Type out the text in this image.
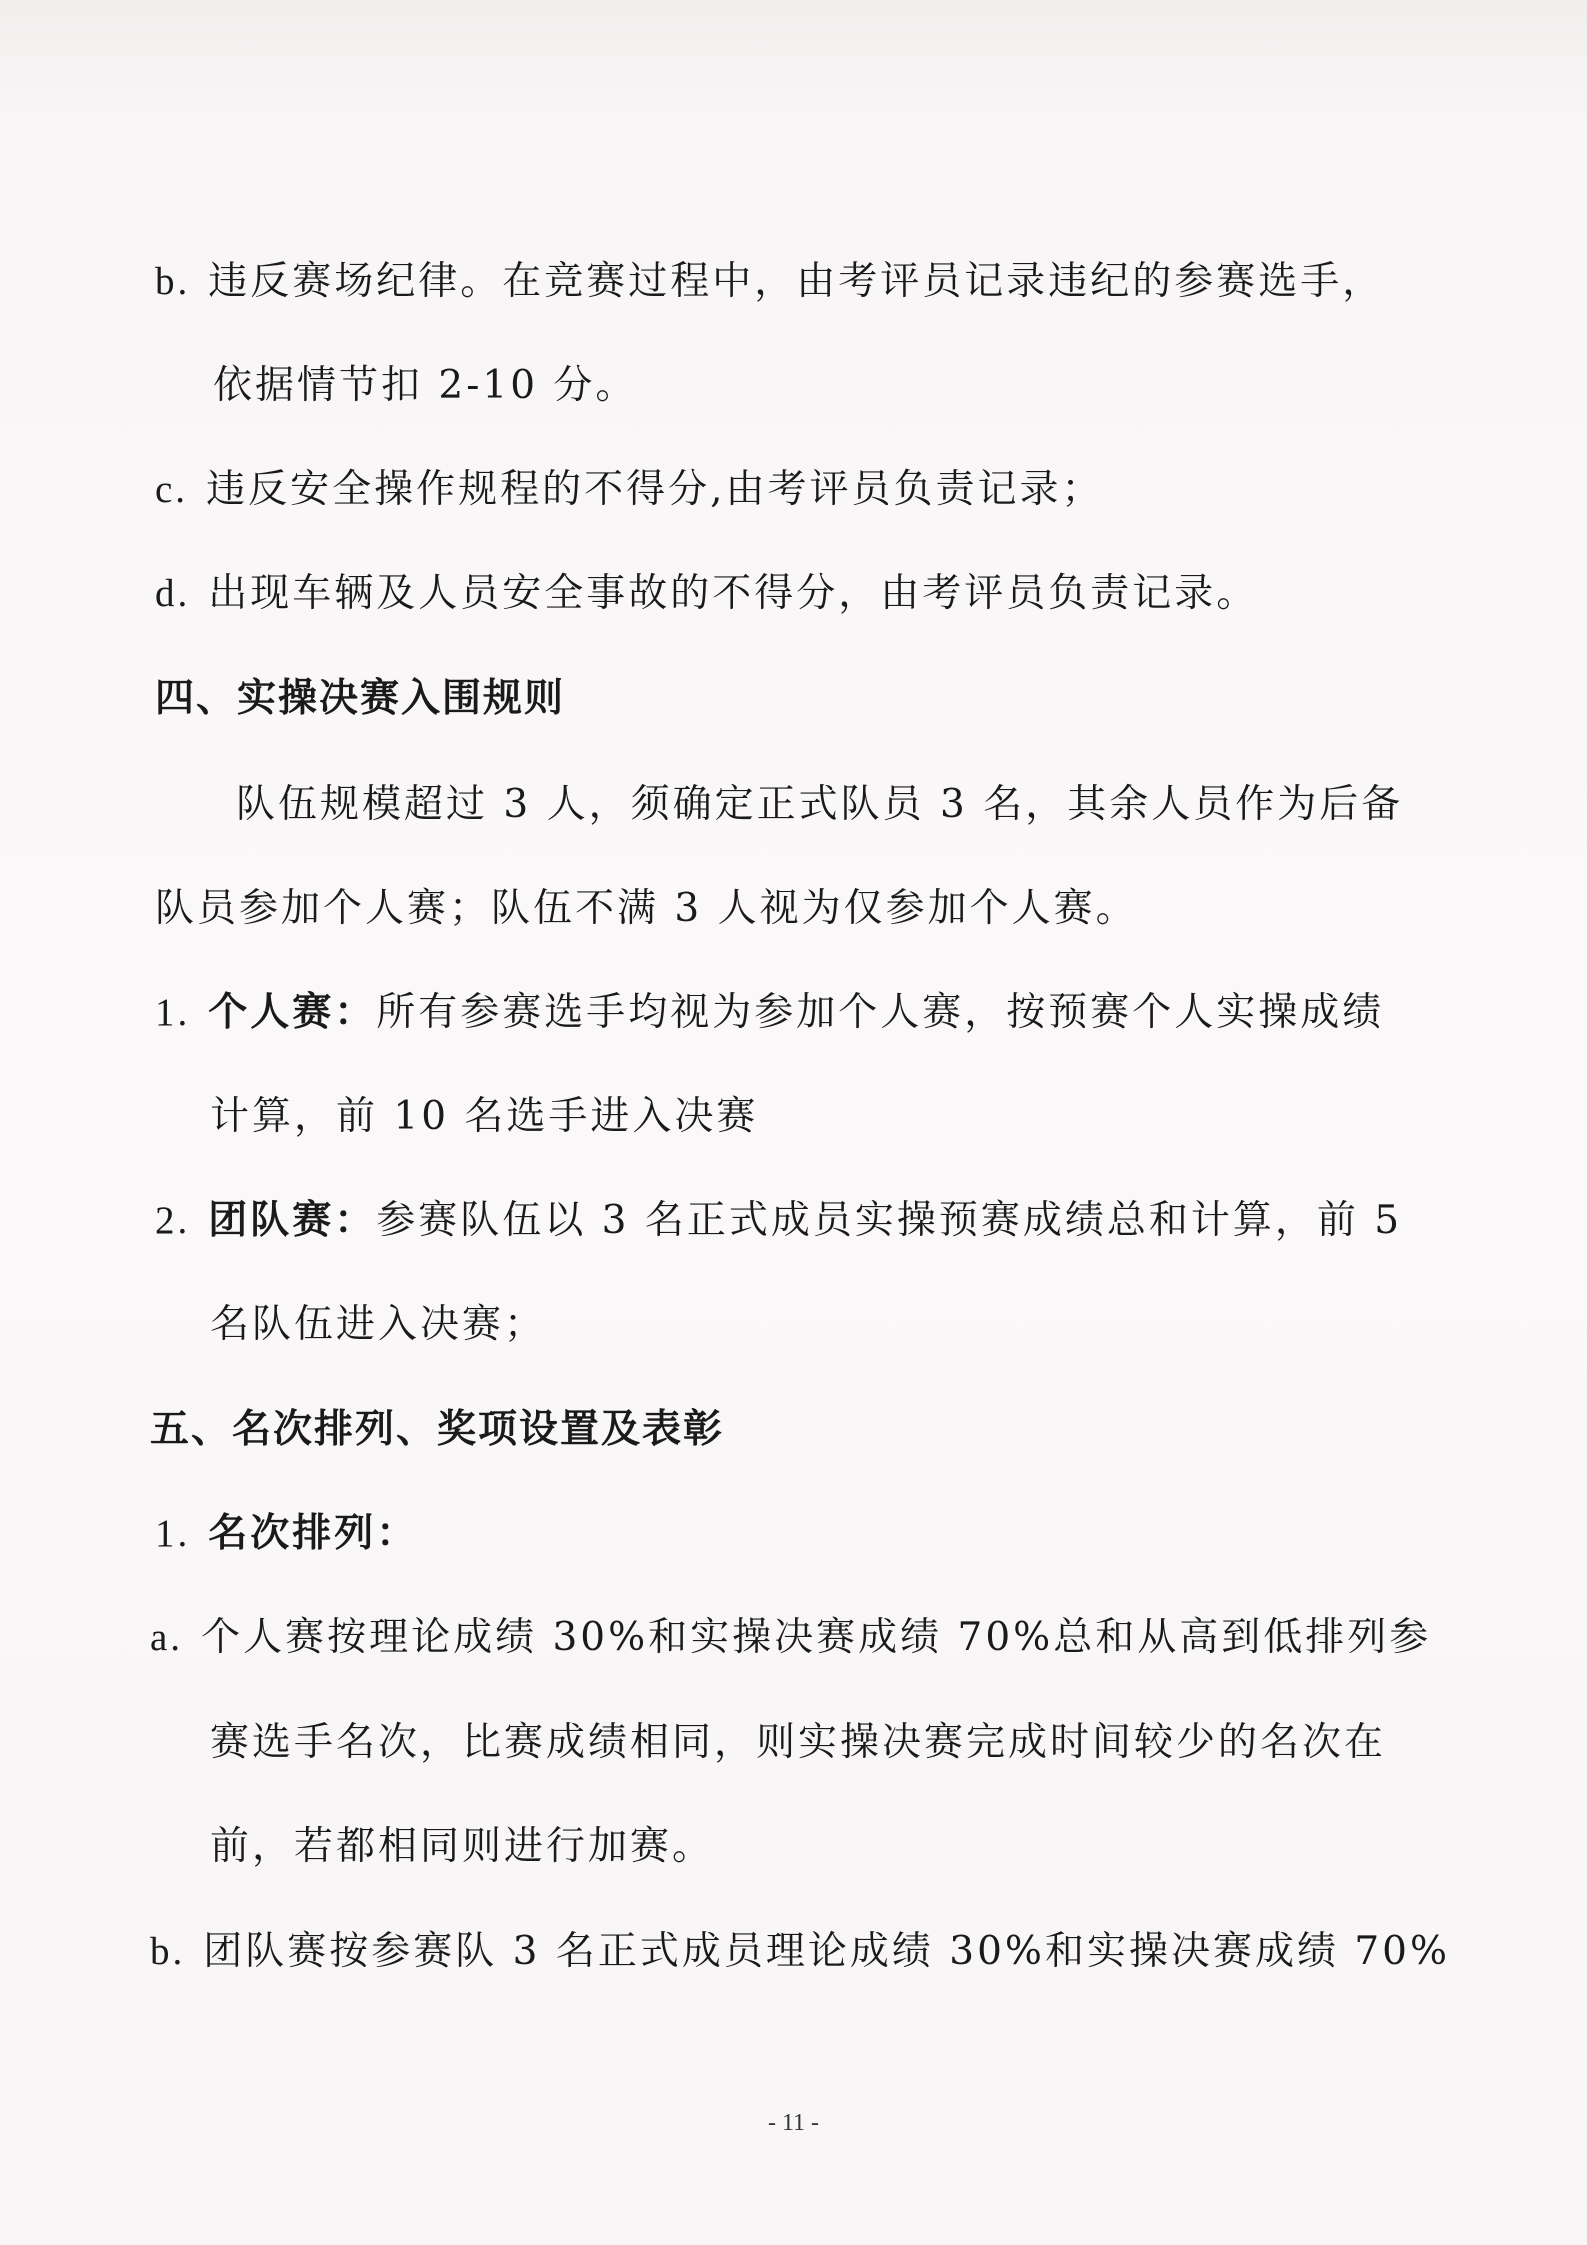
b. 违反赛场纪律。在竞赛过程中，由考评员记录违纪的参赛选手，
依据情节扣 2-10 分。
c. 违反安全操作规程的不得分,由考评员负责记录；
d. 出现车辆及人员安全事故的不得分，由考评员负责记录。
四、实操决赛入围规则
队伍规模超过 3 人，须确定正式队员 3 名，其余人员作为后备
队员参加个人赛；队伍不满 3 人视为仅参加个人赛。
1. 个人赛：所有参赛选手均视为参加个人赛，按预赛个人实操成绩
计算，前 10 名选手进入决赛
2. 团队赛：参赛队伍以 3 名正式成员实操预赛成绩总和计算，前 5
名队伍进入决赛；
五、名次排列、奖项设置及表彰
1. 名次排列：
a. 个人赛按理论成绩 30%和实操决赛成绩 70%总和从高到低排列参
赛选手名次，比赛成绩相同，则实操决赛完成时间较少的名次在
前，若都相同则进行加赛。
b. 团队赛按参赛队 3 名正式成员理论成绩 30%和实操决赛成绩 70%
- 11 -
